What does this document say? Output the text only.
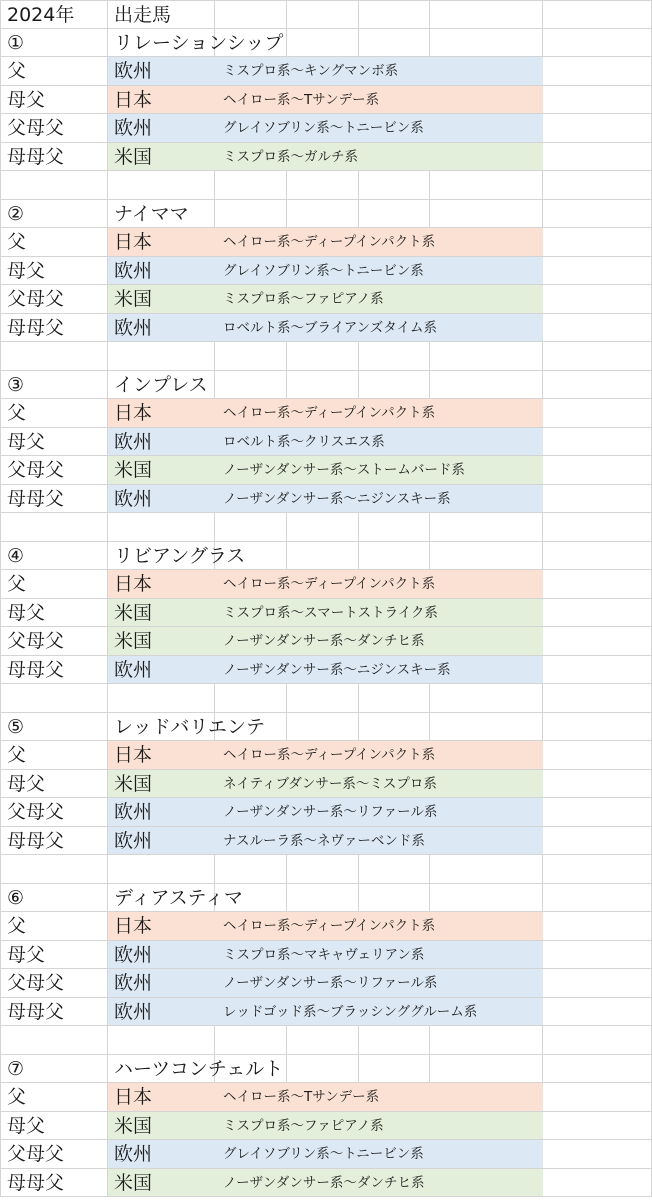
2024年 出走馬
①	リレーションシップ
父	欧州	ミスプロ系〜キングマンボ系
母父	日本	ヘイロー系〜Tサンデー系
父母父	欧州	グレイソブリン系〜トニービン系
母母父	米国	ミスプロ系〜ガルチ系
②	ナイママ
父	日本	ヘイロー系〜ディープインパクト系
母父	欧州	グレイソブリン系〜トニービン系
父母父	米国	ミスプロ系〜ファピアノ系
母母父	欧州	ロベルト系〜ブライアンズタイム系
③	インプレス
父	日本	ヘイロー系〜ディープインパクト系
母父	欧州	ロベルト系〜クリスエス系
父母父	米国	ノーザンダンサー系〜ストームバード系
母母父	欧州	ノーザンダンサー系〜ニジンスキー系
④	リビアングラス
父	日本	ヘイロー系〜ディープインパクト系
母父	米国	ミスプロ系〜スマートストライク系
父母父	米国	ノーザンダンサー系〜ダンチヒ系
母母父	欧州	ノーザンダンサー系〜ニジンスキー系
⑤	レッドバリエンテ
父	日本	ヘイロー系〜ディープインパクト系
母父	米国	ネイティブダンサー系〜ミスプロ系
父母父	欧州	ノーザンダンサー系〜リファール系
母母父	欧州	ナスルーラ系〜ネヴァーベンド系
⑥	ディアスティマ
父	日本	ヘイロー系〜ディープインパクト系
母父	欧州	ミスプロ系〜マキャヴェリアン系
父母父	欧州	ノーザンダンサー系〜リファール系
母母父	欧州	レッドゴッド系〜ブラッシンググルーム系
⑦	ハーツコンチェルト
父	日本	ヘイロー系〜Tサンデー系
母父	米国	ミスプロ系〜ファピアノ系
父母父	欧州	グレイソブリン系〜トニービン系
母母父	米国	ノーザンダンサー系〜ダンチヒ系
